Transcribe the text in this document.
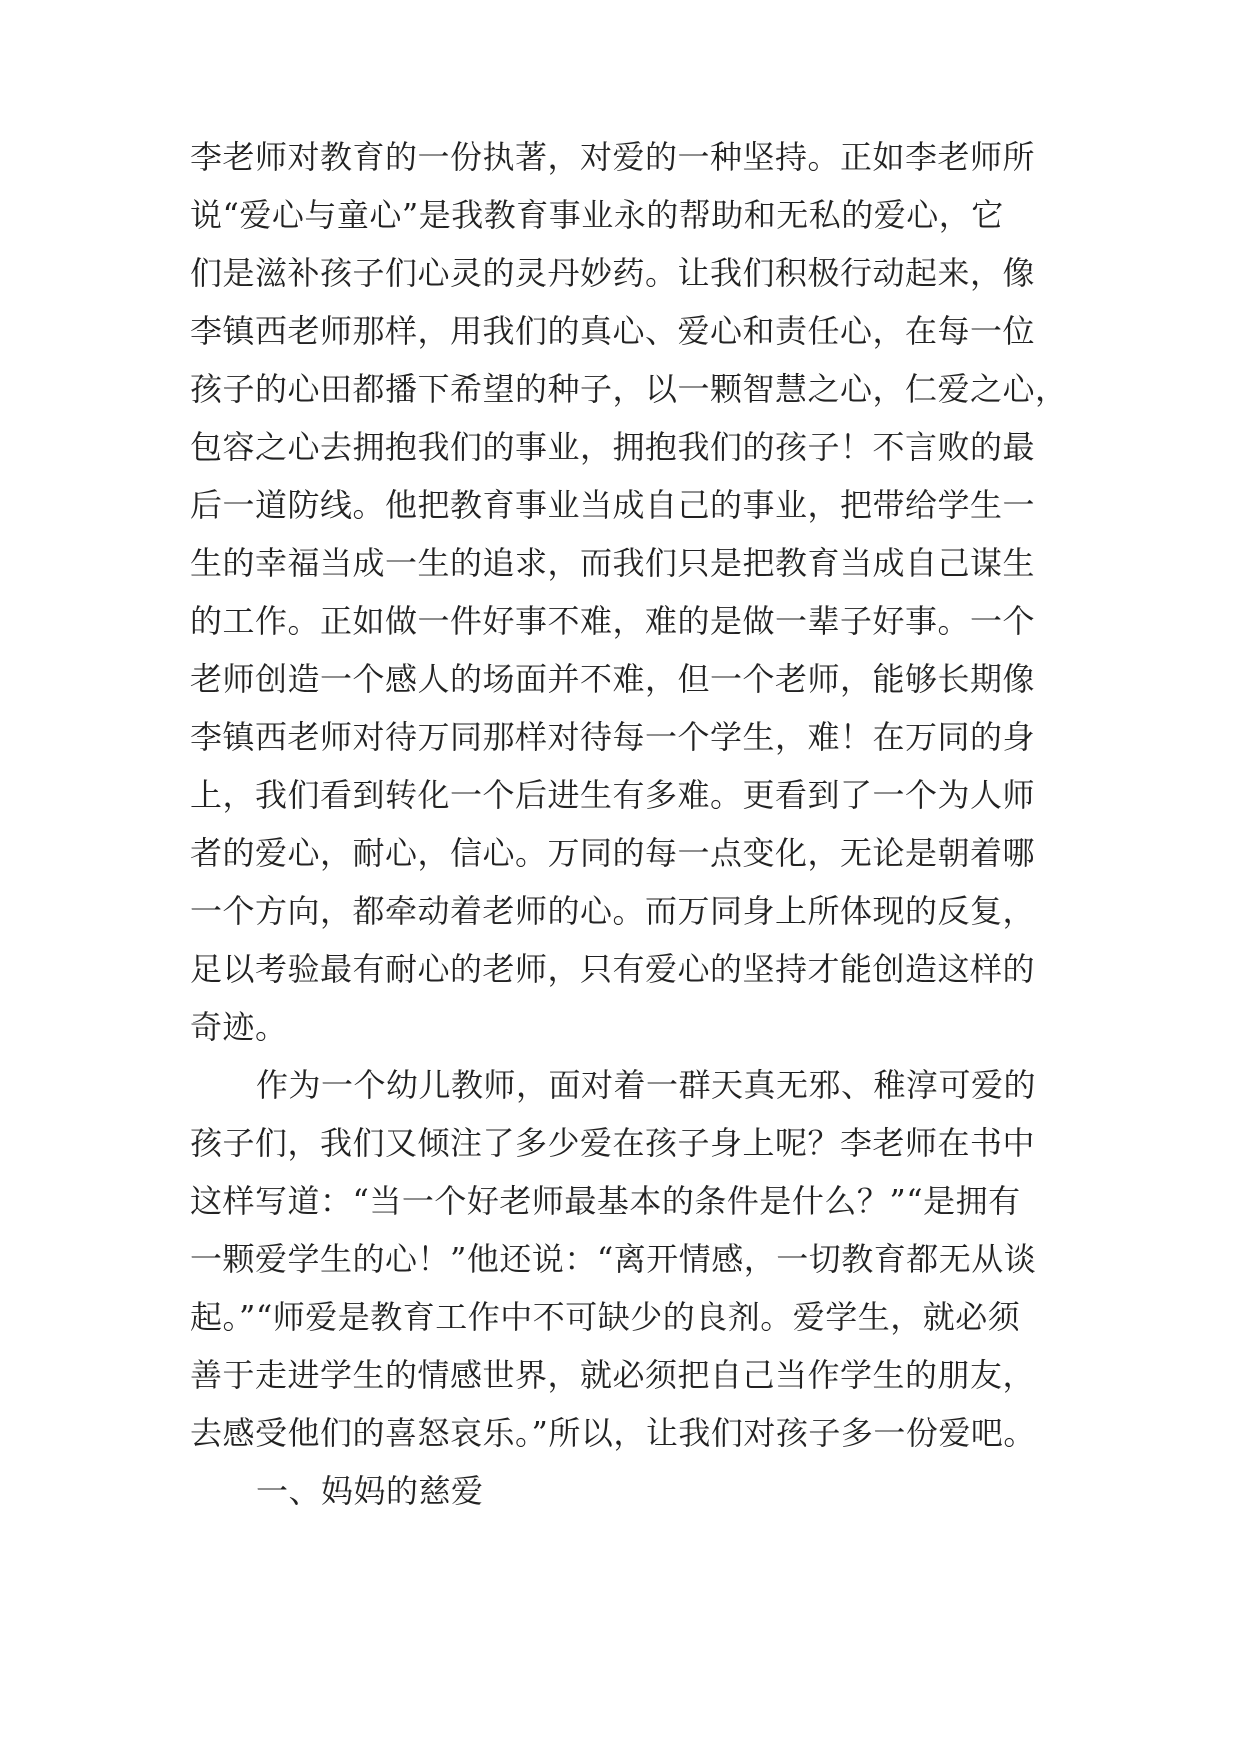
李老师对教育的一份执著，对爱的一种坚持。正如李老师所
说“爱心与童心”是我教育事业永的帮助和无私的爱心，它
们是滋补孩子们心灵的灵丹妙药。让我们积极行动起来，像
李镇西老师那样，用我们的真心、爱心和责任心，在每一位
孩子的心田都播下希望的种子，以一颗智慧之心，仁爱之心，
包容之心去拥抱我们的事业，拥抱我们的孩子！不言败的最
后一道防线。他把教育事业当成自己的事业，把带给学生一
生的幸福当成一生的追求，而我们只是把教育当成自己谋生
的工作。正如做一件好事不难，难的是做一辈子好事。一个
老师创造一个感人的场面并不难，但一个老师，能够长期像
李镇西老师对待万同那样对待每一个学生，难！在万同的身
上，我们看到转化一个后进生有多难。更看到了一个为人师
者的爱心，耐心，信心。万同的每一点变化，无论是朝着哪
一个方向，都牵动着老师的心。而万同身上所体现的反复，
足以考验最有耐心的老师，只有爱心的坚持才能创造这样的
奇迹。
作为一个幼儿教师，面对着一群天真无邪、稚淳可爱的
孩子们，我们又倾注了多少爱在孩子身上呢？李老师在书中
这样写道：“当一个好老师最基本的条件是什么？”“是拥有
一颗爱学生的心！”他还说：“离开情感，一切教育都无从谈
起。”“师爱是教育工作中不可缺少的良剂。爱学生，就必须
善于走进学生的情感世界，就必须把自己当作学生的朋友，
去感受他们的喜怒哀乐。”所以，让我们对孩子多一份爱吧。
一、妈妈的慈爱
